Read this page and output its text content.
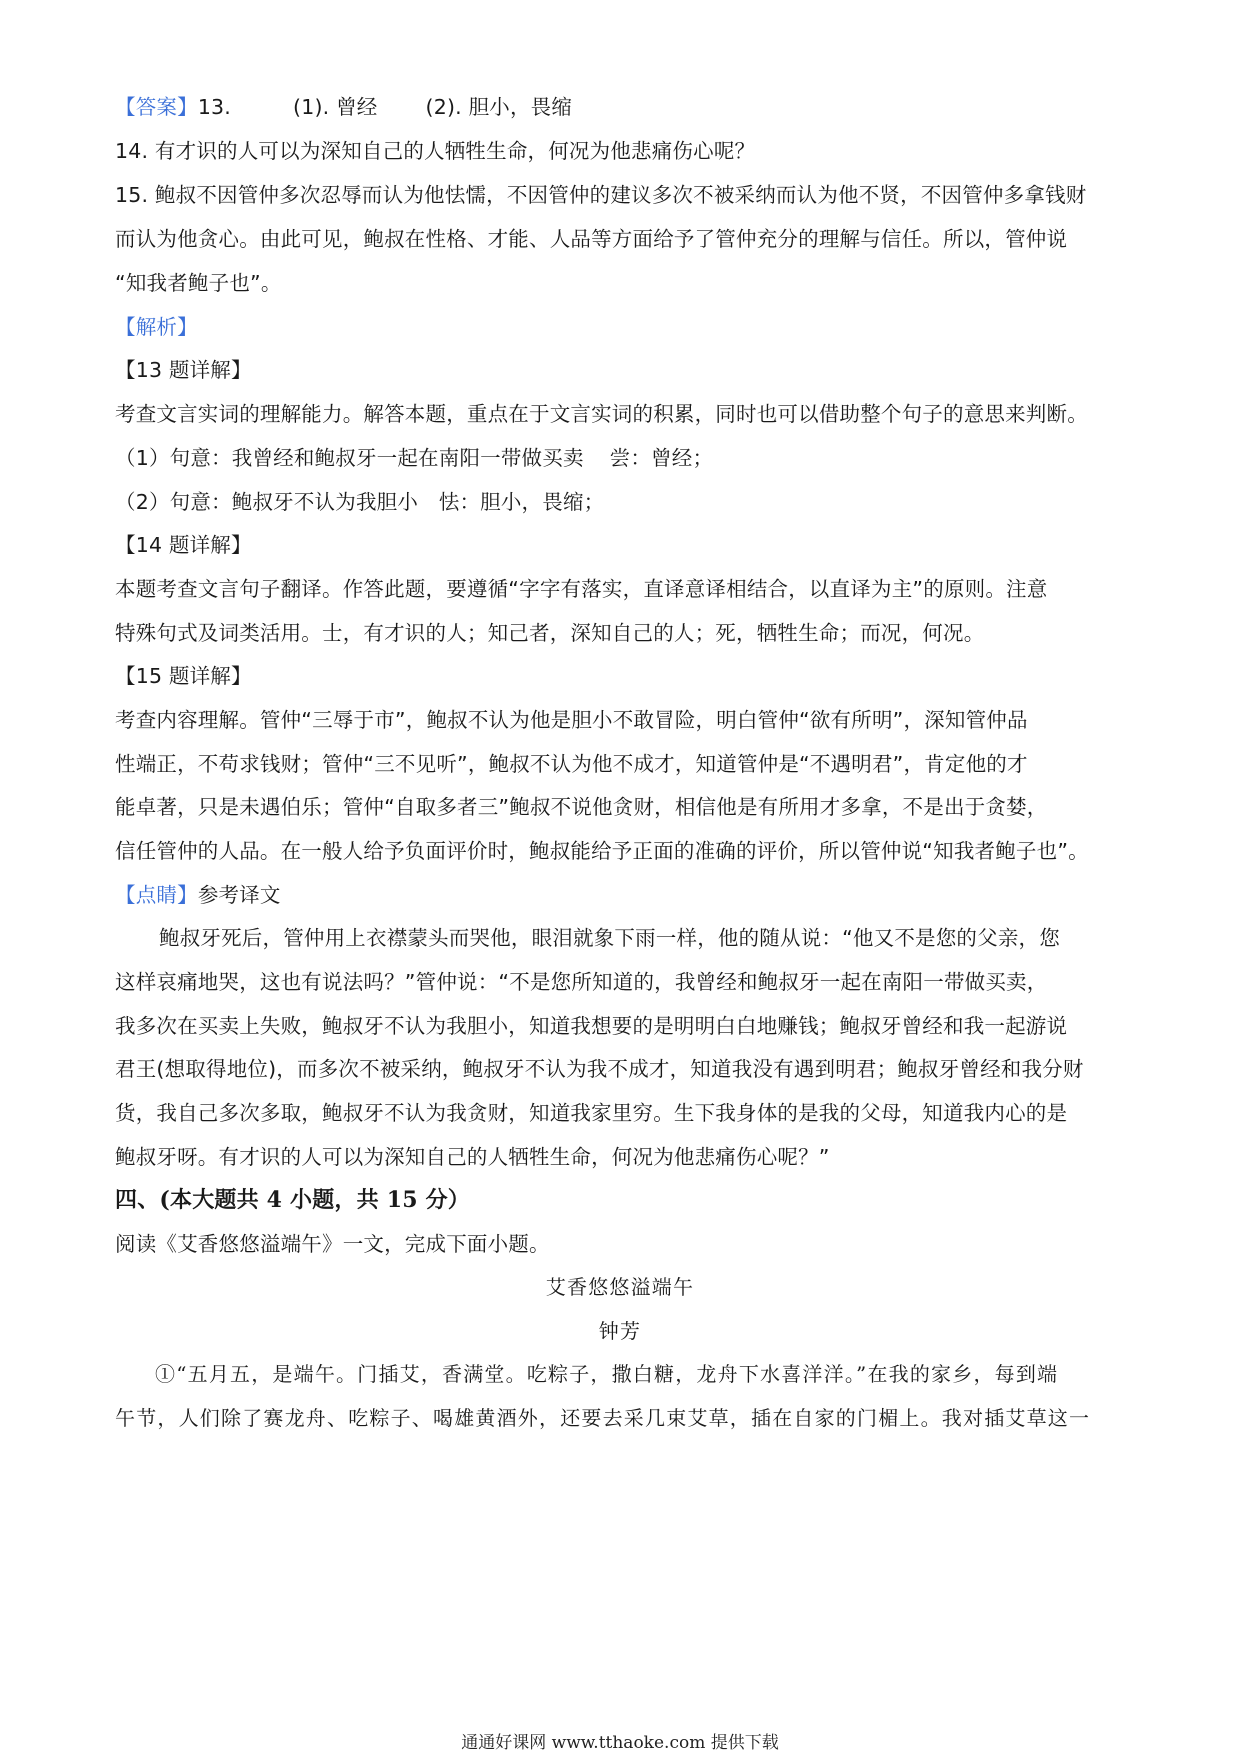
【答案】13.	(1). 曾经 (2). 胆小，畏缩
14. 有才识的人可以为深知自己的人牺牲生命，何况为他悲痛伤心呢？
15. 鲍叔不因管仲多次忍辱而认为他怯懦，不因管仲的建议多次不被采纳而认为他不贤，不因管仲多拿钱财
而认为他贪心。由此可见，鲍叔在性格、才能、人品等方面给予了管仲充分的理解与信任。所以，管仲说
“知我者鲍子也”。
【解析】
【13 题详解】
考查文言实词的理解能力。解答本题，重点在于文言实词的积累，同时也可以借助整个句子的意思来判断。
（1）句意：我曾经和鲍叔牙一起在南阳一带做买卖 尝：曾经；
（2）句意：鲍叔牙不认为我胆小　怯：胆小，畏缩；
【14 题详解】
本题考查文言句子翻译。作答此题，要遵循“字字有落实，直译意译相结合，以直译为主”的原则。注意
特殊句式及词类活用。士，有才识的人；知己者，深知自己的人；死，牺牲生命；而况，何况。
【15 题详解】
考查内容理解。管仲“三辱于市”，鲍叔不认为他是胆小不敢冒险，明白管仲“欲有所明”，深知管仲品
性端正，不苟求钱财；管仲“三不见听”，鲍叔不认为他不成才，知道管仲是“不遇明君”，肯定他的才
能卓著，只是未遇伯乐；管仲“自取多者三”鲍叔不说他贪财，相信他是有所用才多拿，不是出于贪婪，
信任管仲的人品。在一般人给予负面评价时，鲍叔能给予正面的准确的评价，所以管仲说“知我者鲍子也”。
【点睛】参考译文
鲍叔牙死后，管仲用上衣襟蒙头而哭他，眼泪就象下雨一样，他的随从说：“他又不是您的父亲，您
这样哀痛地哭，这也有说法吗？”管仲说：“不是您所知道的，我曾经和鲍叔牙一起在南阳一带做买卖，
我多次在买卖上失败，鲍叔牙不认为我胆小，知道我想要的是明明白白地赚钱；鲍叔牙曾经和我一起游说
君王(想取得地位)，而多次不被采纳，鲍叔牙不认为我不成才，知道我没有遇到明君；鲍叔牙曾经和我分财
货，我自己多次多取，鲍叔牙不认为我贪财，知道我家里穷。生下我身体的是我的父母，知道我内心的是
鲍叔牙呀。有才识的人可以为深知自己的人牺牲生命，何况为他悲痛伤心呢？”
四、(本大题共 4 小题，共 15 分）
阅读《艾香悠悠溢端午》一文，完成下面小题。
艾香悠悠溢端午
钟芳
①“五月五，是端午。门插艾，香满堂。吃粽子，撒白糖，龙舟下水喜洋洋。”在我的家乡，每到端
午节，人们除了赛龙舟、吃粽子、喝雄黄酒外，还要去采几束艾草，插在自家的门楣上。我对插艾草这一
通通好课网 www.tthaoke.com 提供下载
